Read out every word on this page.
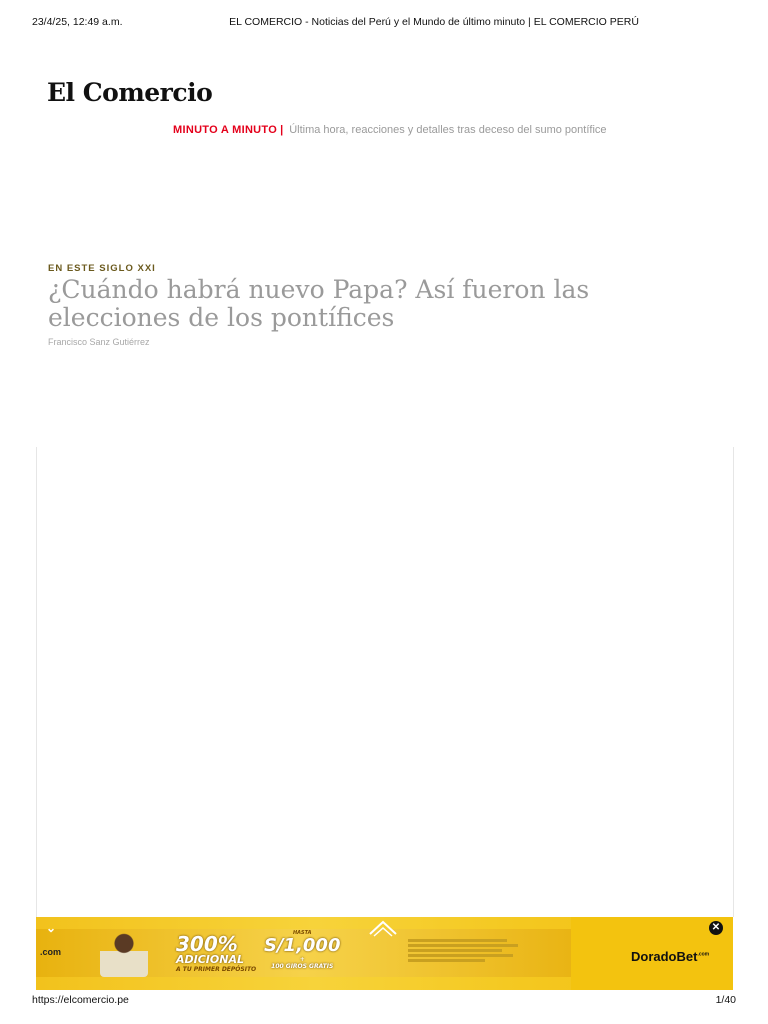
23/4/25, 12:49 a.m.	EL COMERCIO - Noticias del Perú y el Mundo de último minuto | EL COMERCIO PERÚ
El Comercio
MINUTO A MINUTO | Última hora, reacciones y detalles tras deceso del sumo pontífice
EN ESTE SIGLO XXI
¿Cuándo habrá nuevo Papa? Así fueron las elecciones de los pontífices
Francisco Sanz Gutiérrez
⌄
.com	300%
ADICIONAL
A TU PRIMER DEPÓSITO
HASTA
S/1,000
+
100 GIROS GRATIS
DoradoBet$^{.com}$
✕
https://elcomercio.pe	1/40
